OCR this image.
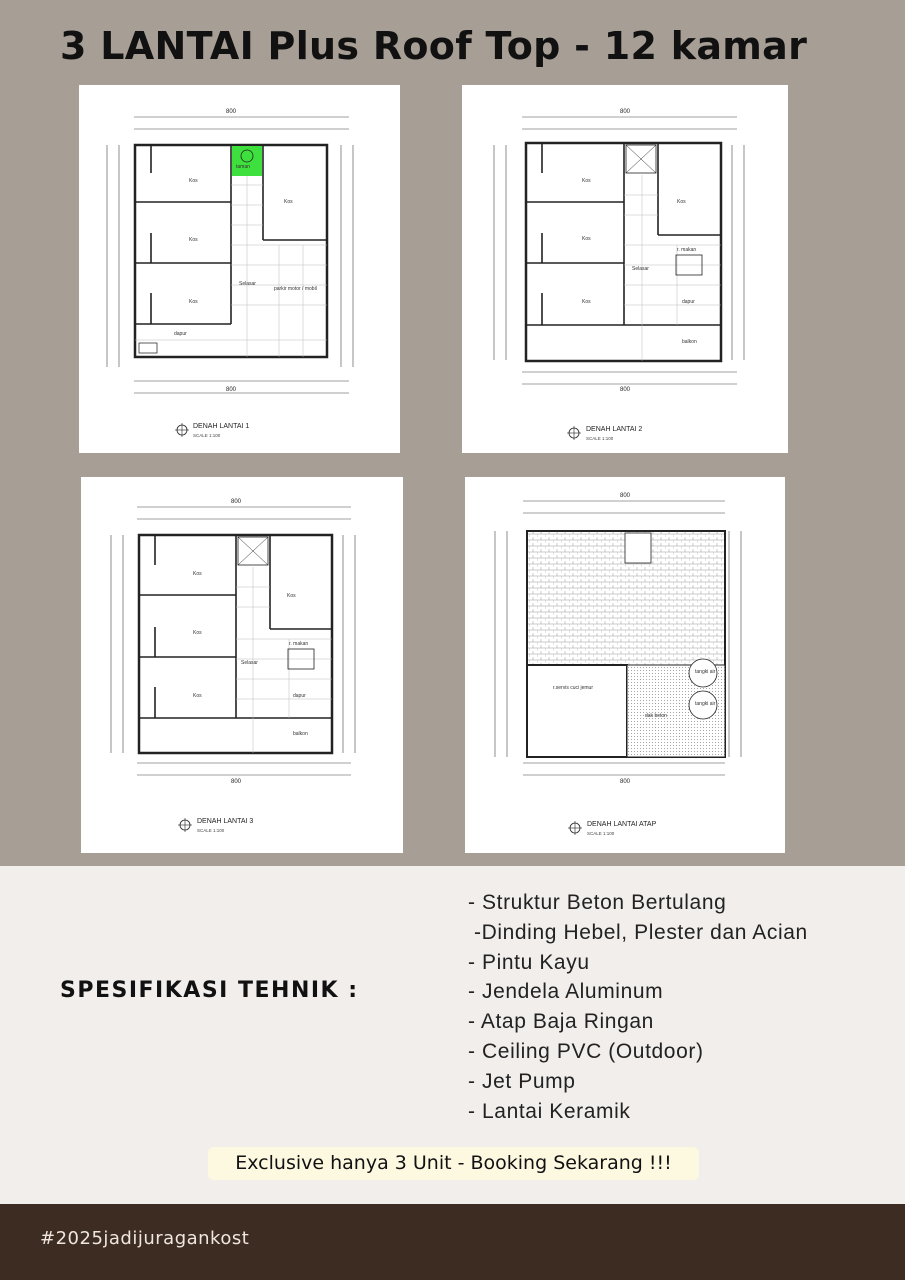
3 LANTAI Plus Roof Top - 12 kamar
Kos
Kos
Kos
Kos
parkir motor / mobil
Selasar
dapur
taman
800
800
DENAH LANTAI 1
SCALE 1:100
Kos
Kos
Kos
Kos
Selasar
r. makan
dapur
balkon
800
800
DENAH LANTAI 2
SCALE 1:100
Kos
Kos
Kos
Kos
Selasar
r. makan
dapur
balkon
800
800
DENAH LANTAI 3
SCALE 1:100
r.servis cuci jemur
dak beton
tangki air
tangki air
800
800
DENAH LANTAI ATAP
SCALE 1:100
SPESIFIKASI TEHNIK :
- Struktur Beton Bertulang
-Dinding Hebel, Plester dan Acian
- Pintu Kayu
- Jendela Aluminum
- Atap Baja Ringan
- Ceiling PVC (Outdoor)
- Jet Pump
- Lantai Keramik
Exclusive hanya 3 Unit - Booking Sekarang !!!
#2025jadijuragankost
